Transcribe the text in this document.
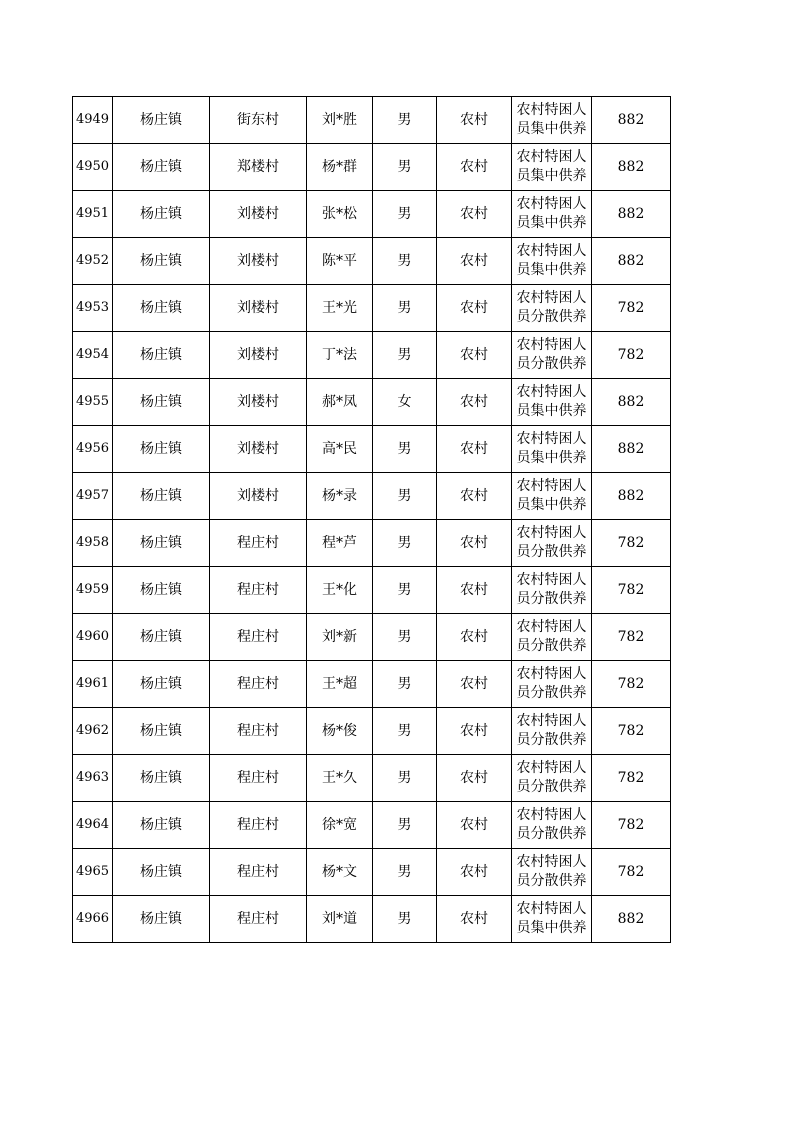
4949	杨庄镇	街东村	刘*胜	男	农村	农村特困人
员集中供养	882
4950	杨庄镇	郑楼村	杨*群	男	农村	农村特困人
员集中供养	882
4951	杨庄镇	刘楼村	张*松	男	农村	农村特困人
员集中供养	882
4952	杨庄镇	刘楼村	陈*平	男	农村	农村特困人
员集中供养	882
4953	杨庄镇	刘楼村	王*光	男	农村	农村特困人
员分散供养	782
4954	杨庄镇	刘楼村	丁*法	男	农村	农村特困人
员分散供养	782
4955	杨庄镇	刘楼村	郝*凤	女	农村	农村特困人
员集中供养	882
4956	杨庄镇	刘楼村	高*民	男	农村	农村特困人
员集中供养	882
4957	杨庄镇	刘楼村	杨*录	男	农村	农村特困人
员集中供养	882
4958	杨庄镇	程庄村	程*芦	男	农村	农村特困人
员分散供养	782
4959	杨庄镇	程庄村	王*化	男	农村	农村特困人
员分散供养	782
4960	杨庄镇	程庄村	刘*新	男	农村	农村特困人
员分散供养	782
4961	杨庄镇	程庄村	王*超	男	农村	农村特困人
员分散供养	782
4962	杨庄镇	程庄村	杨*俊	男	农村	农村特困人
员分散供养	782
4963	杨庄镇	程庄村	王*久	男	农村	农村特困人
员分散供养	782
4964	杨庄镇	程庄村	徐*宽	男	农村	农村特困人
员分散供养	782
4965	杨庄镇	程庄村	杨*文	男	农村	农村特困人
员分散供养	782
4966	杨庄镇	程庄村	刘*道	男	农村	农村特困人
员集中供养	882
